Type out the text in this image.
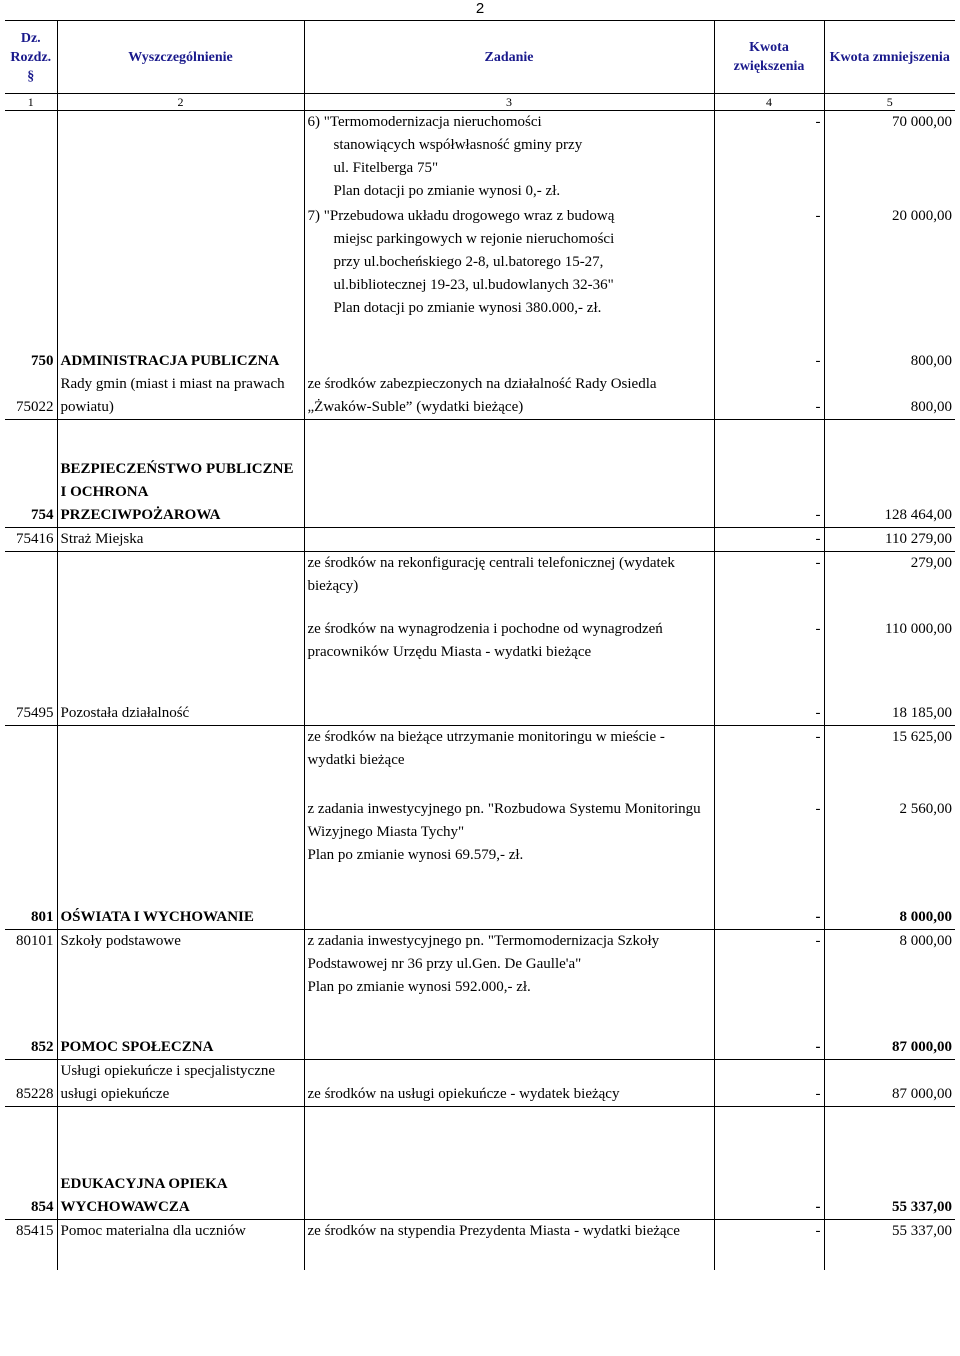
2
Dz. Rozdz. §	Wyszczególnienie	Zadanie	Kwota zwiększenia	Kwota zmniejszenia
1	2	3	4	5
		6) "Termomodernizacja nieruchomości

stanowiących współwłasność gminy przy
ul. Fitelberga 75"
Plan dotacji po zmianie wynosi 0,- zł.	-	70 000,00
		7) "Przebudowa układu drogowego wraz z budową

miejsc parkingowych w rejonie nieruchomości
przy ul.bocheńskiego 2-8, ul.batorego 15-27,
ul.bibliotecznej 19-23, ul.budowlanych 32-36"
Plan dotacji po zmianie wynosi 380.000,- zł.	-	20 000,00
750	ADMINISTRACJA PUBLICZNA		-	800,00
75022	Rady gmin (miast i miast na prawach powiatu)	ze środków zabezpieczonych na działalność Rady Osiedla „Żwaków-Suble” (wydatki bieżące)	-	800,00

754	BEZPIECZEŃSTWO PUBLICZNE I OCHRONA PRZECIWPOŻAROWA		-	128 464,00
75416	Straż Miejska		-	110 279,00
		ze środków na rekonfigurację centrali telefonicznej (wydatek bieżący)	-	279,00
		ze środków na wynagrodzenia i pochodne od wynagrodzeń pracowników Urzędu Miasta - wydatki bieżące	-	110 000,00
75495	Pozostała działalność		-	18 185,00
		ze środków na bieżące utrzymanie monitoringu w mieście - wydatki bieżące	-	15 625,00
		z zadania inwestycyjnego pn. "Rozbudowa Systemu Monitoringu Wizyjnego Miasta Tychy"
Plan po zmianie wynosi 69.579,- zł.	-	2 560,00
801	OŚWIATA I WYCHOWANIE		-	8 000,00
80101	Szkoły podstawowe	z zadania inwestycyjnego pn. "Termomodernizacja Szkoły Podstawowej nr 36 przy ul.Gen. De Gaulle'a"
Plan po zmianie wynosi 592.000,- zł.	-	8 000,00
852	POMOC SPOŁECZNA		-	87 000,00
85228	Usługi opiekuńcze i specjalistyczne usługi opiekuńcze	ze środków na usługi opiekuńcze - wydatek bieżący	-	87 000,00

854	EDUKACYJNA OPIEKA WYCHOWAWCZA		-	55 337,00
85415	Pomoc materialna dla uczniów	ze środków na stypendia Prezydenta Miasta - wydatki bieżące	-	55 337,00
